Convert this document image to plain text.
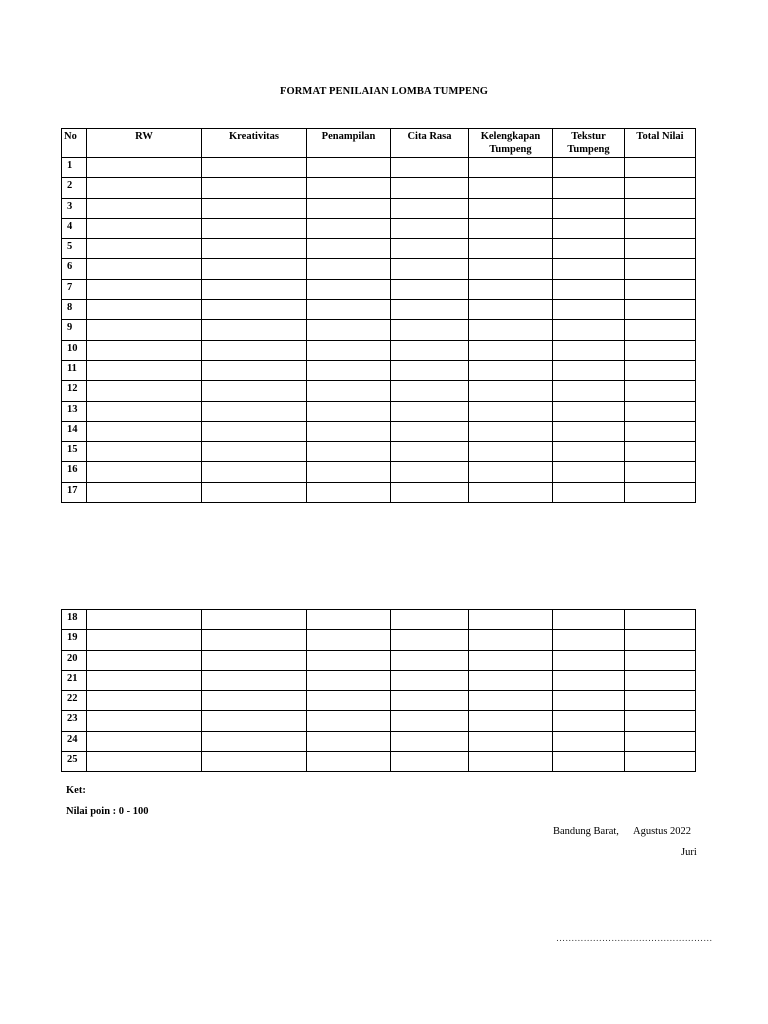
FORMAT PENILAIAN LOMBA TUMPENG
No	RW	Kreativitas	Penampilan	Cita Rasa	Kelengkapan Tumpeng	Tekstur Tumpeng	Total Nilai
1							
2							
3							
4							
5							
6							
7							
8							
9							
10							
11							
12							
13							
14							
15							
16							
17							
18							
19							
20							
21							
22							
23							
24							
25							
Ket:
Nilai poin : 0 - 100
Bandung Barat, Agustus 2022
Juri
……………………………………………
